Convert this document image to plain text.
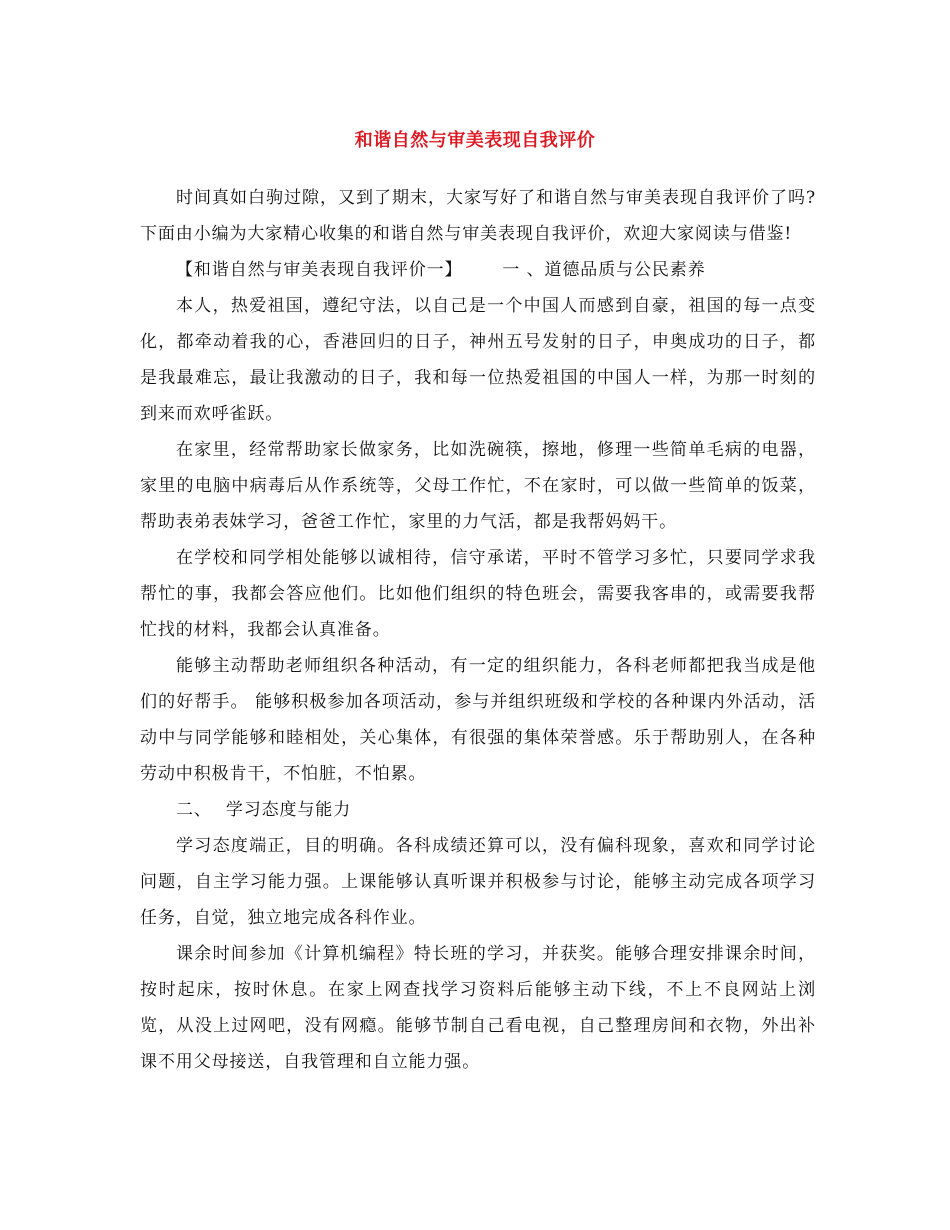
和谐自然与审美表现自我评价

时间真如白驹过隙，又到了期末，大家写好了和谐自然与审美表现自我评价了吗?下面由小编为大家精心收集的和谐自然与审美表现自我评价，欢迎大家阅读与借鉴!

【和谐自然与审美表现自我评价一】 一 、道德品质与公民素养

本人，热爱祖国，遵纪守法，以自己是一个中国人而感到自豪，祖国的每一点变化，都牵动着我的心，香港回归的日子，神州五号发射的日子，申奥成功的日子，都是我最难忘，最让我激动的日子，我和每一位热爱祖国的中国人一样，为那一时刻的到来而欢呼雀跃。

在家里，经常帮助家长做家务，比如洗碗筷，擦地，修理一些简单毛病的电器，家里的电脑中病毒后从作系统等，父母工作忙，不在家时，可以做一些简单的饭菜，帮助表弟表妹学习，爸爸工作忙，家里的力气活，都是我帮妈妈干。

在学校和同学相处能够以诚相待，信守承诺，平时不管学习多忙，只要同学求我帮忙的事，我都会答应他们。比如他们组织的特色班会，需要我客串的，或需要我帮忙找的材料，我都会认真准备。

能够主动帮助老师组织各种活动，有一定的组织能力，各科老师都把我当成是他们的好帮手。 能够积极参加各项活动，参与并组织班级和学校的各种课内外活动，活动中与同学能够和睦相处，关心集体，有很强的集体荣誉感。乐于帮助别人，在各种劳动中积极肯干，不怕脏，不怕累。

二、 学习态度与能力

学习态度端正，目的明确。各科成绩还算可以，没有偏科现象，喜欢和同学讨论问题，自主学习能力强。上课能够认真听课并积极参与讨论，能够主动完成各项学习任务，自觉，独立地完成各科作业。

课余时间参加《计算机编程》特长班的学习，并获奖。能够合理安排课余时间，按时起床，按时休息。在家上网查找学习资料后能够主动下线，不上不良网站上浏览，从没上过网吧，没有网瘾。能够节制自己看电视，自己整理房间和衣物，外出补课不用父母接送，自我管理和自立能力强。
